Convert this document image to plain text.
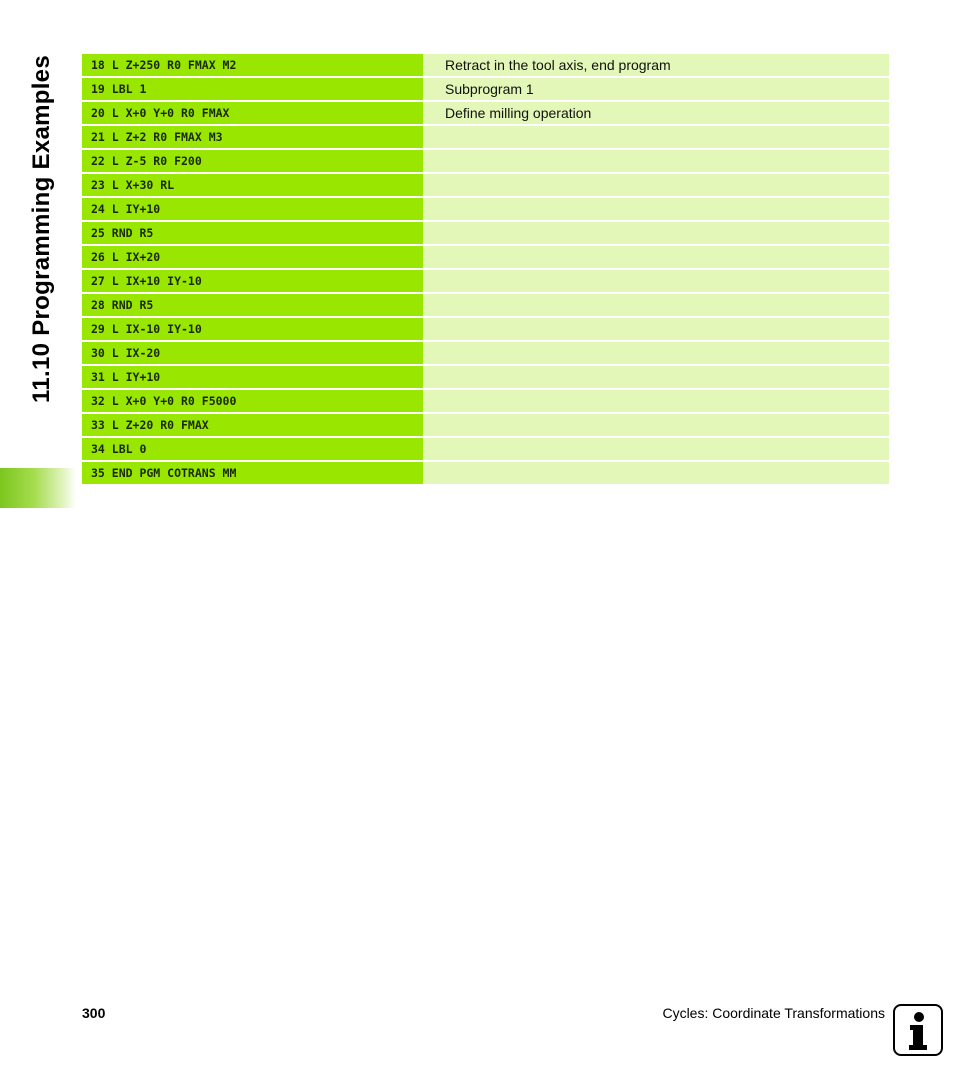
11.10 Programming Examples	18 L Z+250 R0 FMAX M2	Retract in the tool axis, end program
19 LBL 1	Subprogram 1
20 L X+0 Y+0 R0 FMAX	Define milling operation
21 L Z+2 R0 FMAX M3
22 L Z-5 R0 F200
23 L X+30 RL
24 L IY+10
25 RND R5
26 L IX+20
27 L IX+10 IY-10
28 RND R5
29 L IX-10 IY-10
30 L IX-20
31 L IY+10
32 L X+0 Y+0 R0 F5000
33 L Z+20 R0 FMAX
34 LBL 0
35 END PGM COTRANS MM
300	Cycles: Coordinate Transformations
